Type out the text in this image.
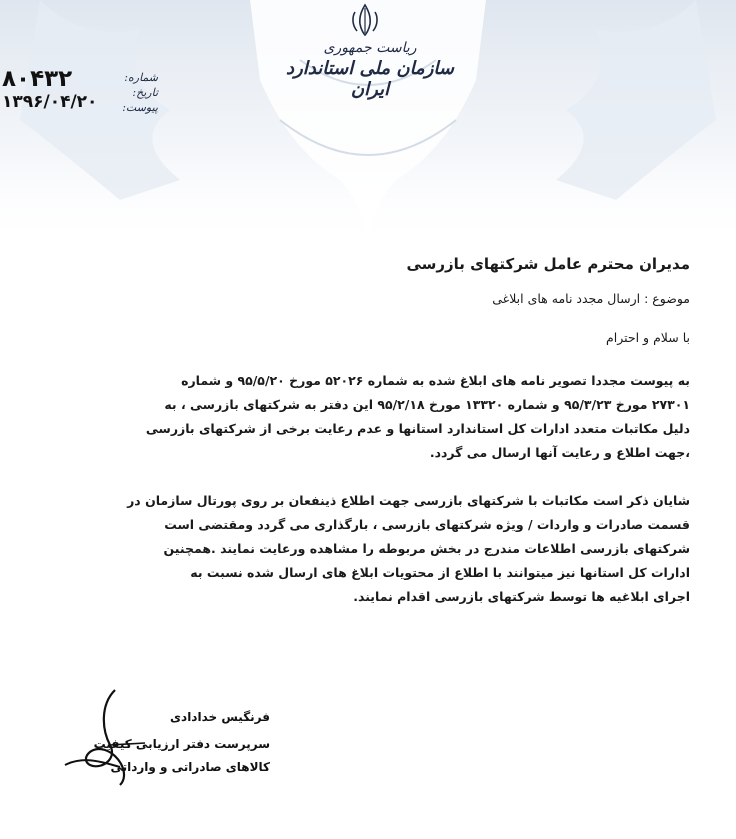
ریاست جمهوری
سازمان ملی استاندارد ایران
شماره:
تاریخ:
پیوست:
۸۰۴۳۲
۱۳۹۶/۰۴/۲۰
مدیران محترم عامل شرکتهای بازرسی
موضوع : ارسال مجدد نامه های ابلاغی
با سلام و احترام
به پیوست مجددا تصویر نامه های ابلاغ شده به شماره ۵۲۰۲۶ مورخ ۹۵/۵/۲۰ و شماره
۲۷۳۰۱ مورخ ۹۵/۳/۲۳ و شماره ۱۳۳۲۰ مورخ ۹۵/۲/۱۸ این دفتر به شرکتهای بازرسی ، به
دلیل مکاتبات متعدد ادارات کل استاندارد استانها و عدم رعایت برخی از شرکتهای بازرسی
،جهت اطلاع و رعایت آنها ارسال می گردد.
شایان ذکر است مکاتبات با شرکتهای بازرسی جهت اطلاع ذینفعان بر روی پورتال سازمان در
قسمت صادرات و واردات / ویژه شرکتهای بازرسی ، بارگذاری می گردد ومقتضی است
شرکتهای بازرسی اطلاعات مندرج در بخش مربوطه را مشاهده ورعایت نمایند .همچنین
ادارات کل استانها نیز میتوانند با اطلاع از محتویات ابلاغ های ارسال شده نسبت به
اجرای ابلاغیه ها توسط شرکتهای بازرسی اقدام نمایند.
فرنگیس خدادادی
سرپرست دفتر ارزیابی کیفیت
کالاهای صادراتی و وارداتی
